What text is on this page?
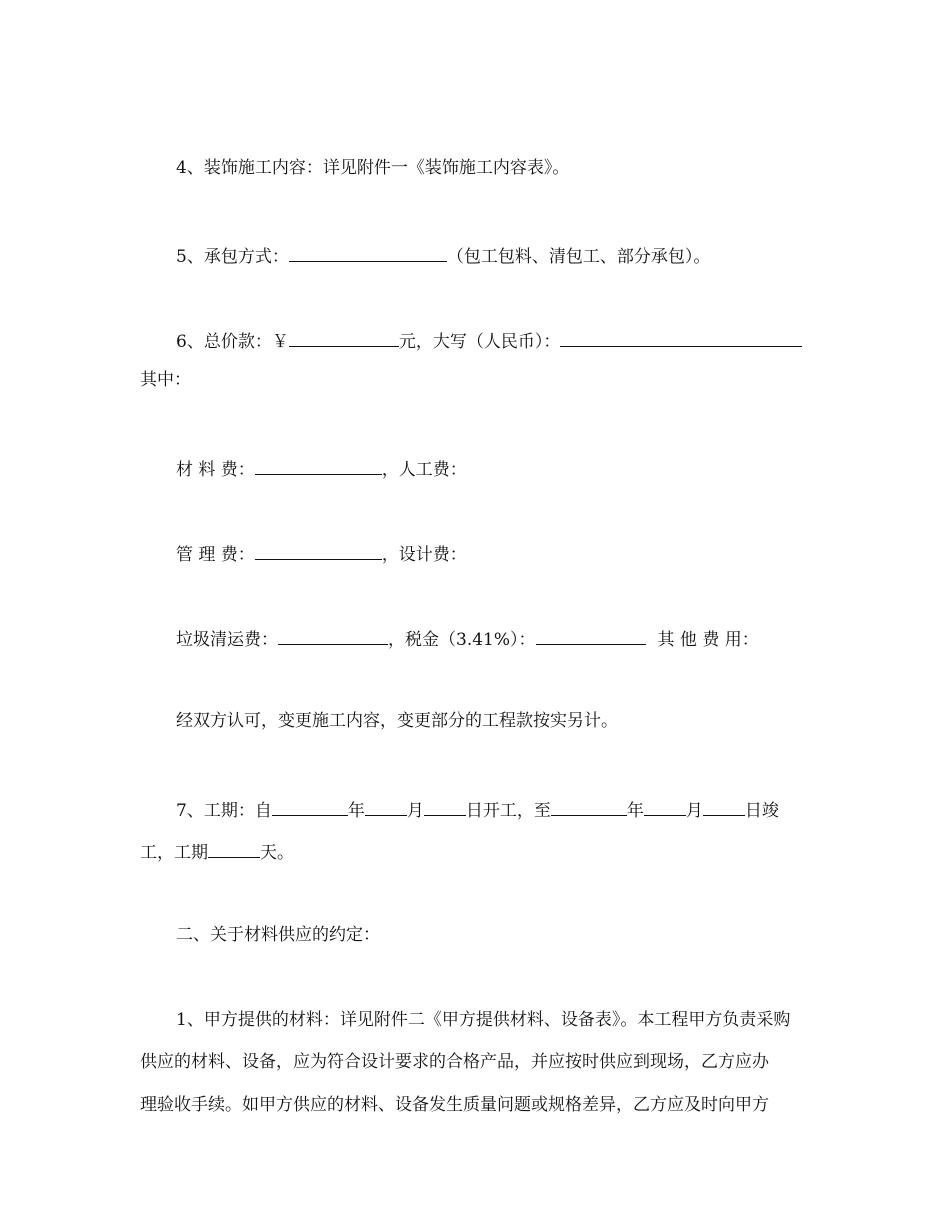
4、装饰施工内容：详见附件一《装饰施工内容表》。
5、承包方式：	（包工包料、清包工、部分承包）。
6、总价款：￥	元，大写（人民币）：
其中：
材 料 费：	，人工费：
管 理 费：	，设计费：
垃圾清运费：	，税金（3.41%）：	其 他 费 用：
经双方认可，变更施工内容，变更部分的工程款按实另计。
7、工期：自	年 月 日开工，至	年 月 日竣
工，工期	天。
二、关于材料供应的约定：
1、甲方提供的材料：详见附件二《甲方提供材料、设备表》。本工程甲方负责采购
供应的材料、设备，应为符合设计要求的合格产品，并应按时供应到现场，乙方应办
理验收手续。如甲方供应的材料、设备发生质量问题或规格差异，乙方应及时向甲方
